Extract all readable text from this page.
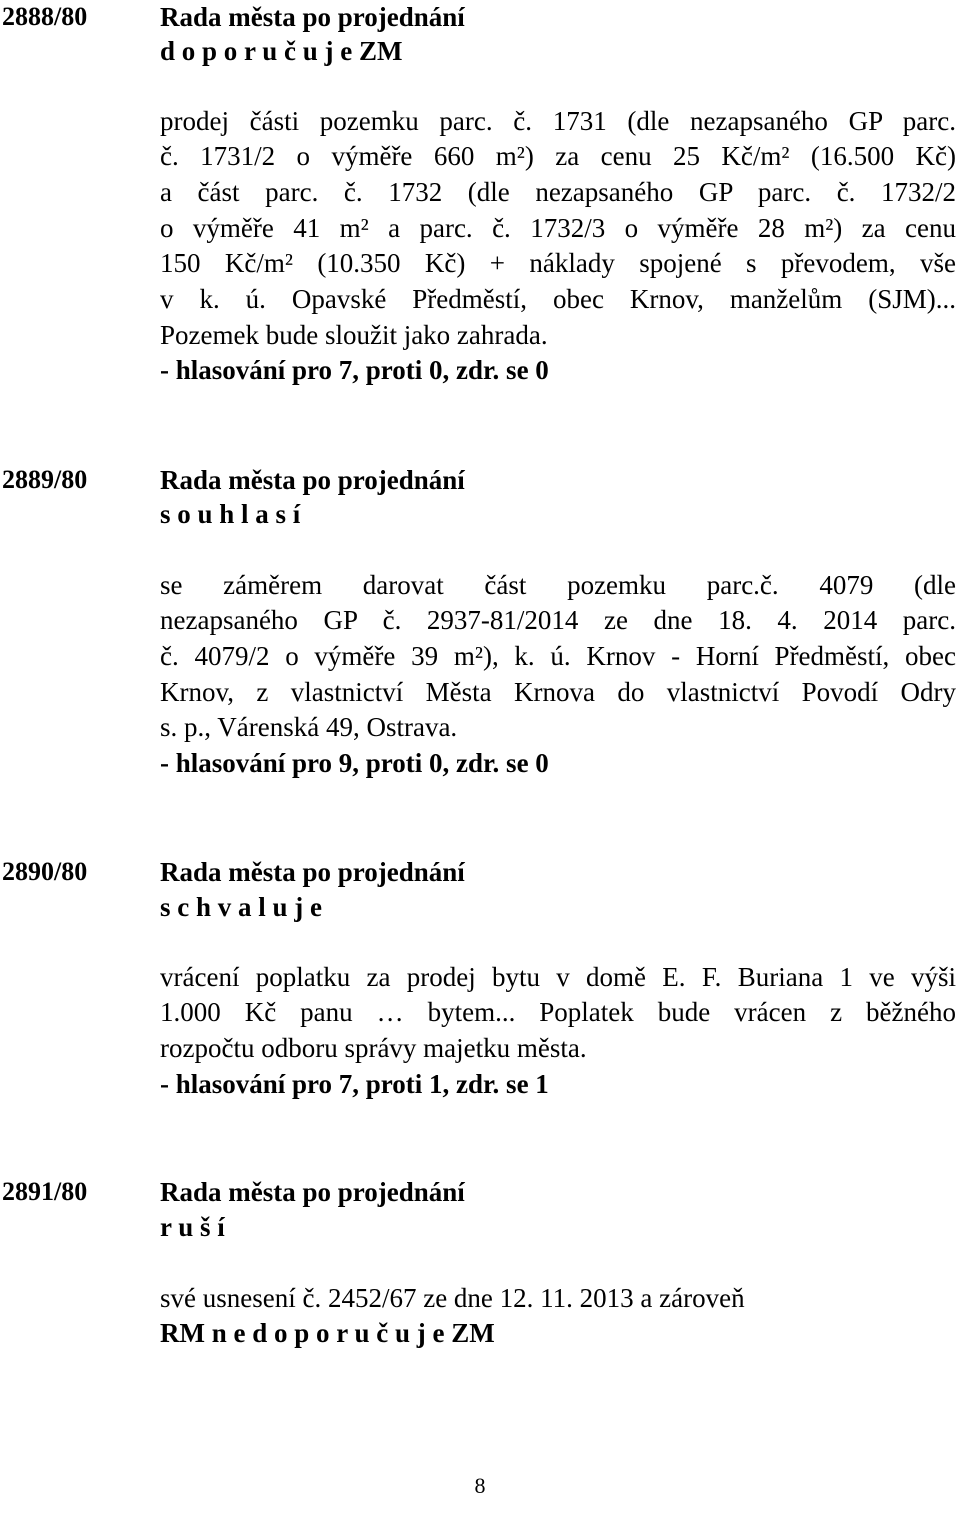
2888/80	Rada města po projednání
d o p o r u č u j e ZM
prodej části pozemku parc. č. 1731 (dle nezapsaného GP parc.
č. 1731/2 o výměře 660 m²) za cenu 25 Kč/m² (16.500 Kč)
a část parc. č. 1732 (dle nezapsaného GP parc. č. 1732/2
o výměře 41 m² a parc. č. 1732/3 o výměře 28 m²) za cenu
150 Kč/m² (10.350 Kč) + náklady spojené s převodem, vše
v k. ú. Opavské Předměstí, obec Krnov, manželům (SJM)...
Pozemek bude sloužit jako zahrada.
- hlasování pro 7, proti 0, zdr. se 0
2889/80	Rada města po projednání
s o u h l a s í
se záměrem darovat část pozemku parc.č. 4079 (dle
nezapsaného GP č. 2937-81/2014 ze dne 18. 4. 2014 parc.
č. 4079/2 o výměře 39 m²), k. ú. Krnov - Horní Předměstí, obec
Krnov, z vlastnictví Města Krnova do vlastnictví Povodí Odry
s. p., Várenská 49, Ostrava.
- hlasování pro 9, proti 0, zdr. se 0
2890/80	Rada města po projednání
s c h v a l u j e
vrácení poplatku za prodej bytu v domě E. F. Buriana 1 ve výši
1.000 Kč panu … bytem... Poplatek bude vrácen z běžného
rozpočtu odboru správy majetku města.
- hlasování pro 7, proti 1, zdr. se 1
2891/80	Rada města po projednání
r u š í
své usnesení č. 2452/67 ze dne 12. 11. 2013 a zároveň
RM n e d o p o r u č u j e ZM
8
